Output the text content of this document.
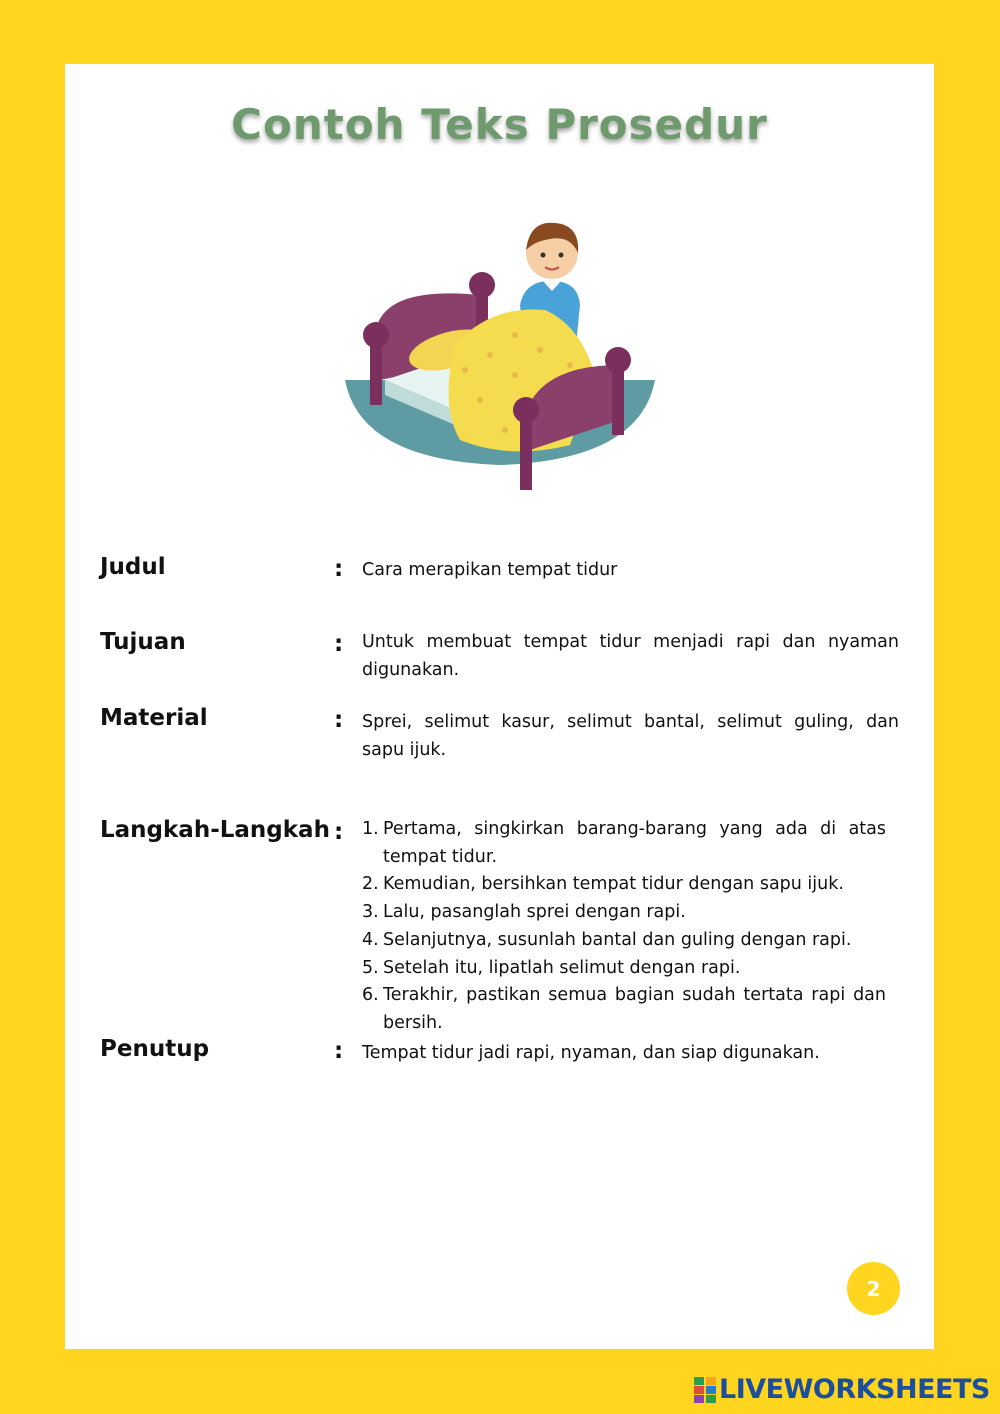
Contoh Teks Prosedur
Judul	: Cara merapikan tempat tidur
Tujuan	: Untuk membuat tempat tidur menjadi rapi dan nyaman digunakan.
Material	: Sprei, selimut kasur, selimut bantal, selimut guling, dan sapu ijuk.
Langkah-Langkah : 1. Pertama, singkirkan barang-barang yang ada di atas tempat tidur.
2. Kemudian, bersihkan tempat tidur dengan sapu ijuk.
3. Lalu, pasanglah sprei dengan rapi.
4. Selanjutnya, susunlah bantal dan guling dengan rapi.
5. Setelah itu, lipatlah selimut dengan rapi.
6. Terakhir, pastikan semua bagian sudah tertata rapi dan bersih.
Penutup	: Tempat tidur jadi rapi, nyaman, dan siap digunakan.
2
LIVEWORKSHEETS
